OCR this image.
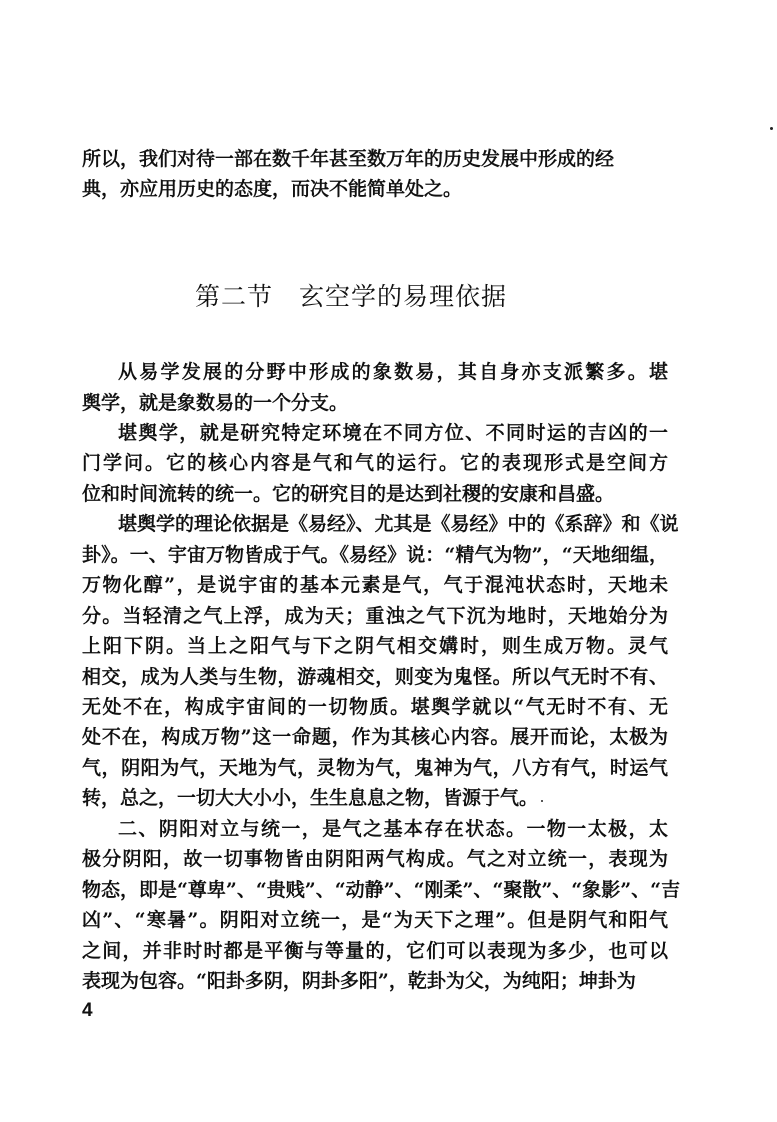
所以，我们对待一部在数千年甚至数万年的历史发展中形成的经
典，亦应用历史的态度，而决不能简单处之。
第二节　玄空学的易理依据
从易学发展的分野中形成的象数易，其自身亦支派繁多。堪
舆学，就是象数易的一个分支。
堪舆学，就是研究特定环境在不同方位、不同时运的吉凶的一
门学问。它的核心内容是气和气的运行。它的表现形式是空间方
位和时间流转的统一。它的研究目的是达到社稷的安康和昌盛。
堪舆学的理论依据是《易经》、尤其是《易经》中的《系辞》和《说
卦》。一、宇宙万物皆成于气。《易经》说：“精气为物”，“天地细缊，
万物化醇”，是说宇宙的基本元素是气，气于混沌状态时，天地未
分。当轻清之气上浮，成为天；重浊之气下沉为地时，天地始分为
上阳下阴。当上之阳气与下之阴气相交媾时，则生成万物。灵气
相交，成为人类与生物，游魂相交，则变为鬼怪。所以气无时不有、
无处不在，构成宇宙间的一切物质。堪舆学就以“气无时不有、无
处不在，构成万物”这一命题，作为其核心内容。展开而论，太极为
气，阴阳为气，天地为气，灵物为气，鬼神为气，八方有气，时运气
转，总之，一切大大小小，生生息息之物，皆源于气。
二、阴阳对立与统一，是气之基本存在状态。一物一太极，太
极分阴阳，故一切事物皆由阴阳两气构成。气之对立统一，表现为
物态，即是“尊卑”、“贵贱”、“动静”、“刚柔”、“聚散”、“象影”、“吉
凶”、“寒暑”。阴阳对立统一，是“为天下之理”。但是阴气和阳气
之间，并非时时都是平衡与等量的，它们可以表现为多少，也可以
表现为包容。“阳卦多阴，阴卦多阳”，乾卦为父，为纯阳；坤卦为
4
